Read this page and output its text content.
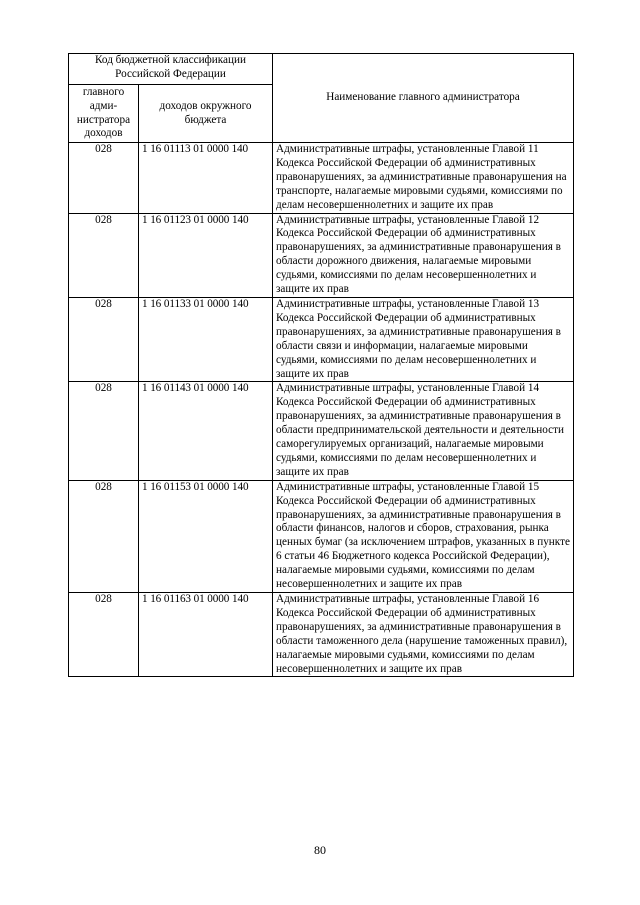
Код бюджетной классификации Российской Федерации		Наименование главного администратора
главного адми-нистратора доходов	доходов окружного бюджета	
028	1 16 01113 01 0000 140	Административные штрафы, установленные Главой 11 Кодекса Российской Федерации об административных правонарушениях, за административные правонарушения на транспорте, налагаемые мировыми судьями, комиссиями по делам несовершеннолетних и защите их прав
028	1 16 01123 01 0000 140	Административные штрафы, установленные Главой 12 Кодекса Российской Федерации об административных правонарушениях, за административные правонарушения в области дорожного движения, налагаемые мировыми судьями, комиссиями по делам несовершеннолетних и защите их прав
028	1 16 01133 01 0000 140	Административные штрафы, установленные Главой 13 Кодекса Российской Федерации об административных правонарушениях, за административные правонарушения в области связи и информации, налагаемые мировыми судьями, комиссиями по делам несовершеннолетних и защите их прав
028	1 16 01143 01 0000 140	Административные штрафы, установленные Главой 14 Кодекса Российской Федерации об административных правонарушениях, за административные правонарушения в области предпринимательской деятельности и деятельности саморегулируемых организаций, налагаемые мировыми судьями, комиссиями по делам несовершеннолетних и защите их прав
028	1 16 01153 01 0000 140	Административные штрафы, установленные Главой 15 Кодекса Российской Федерации об административных правонарушениях, за административные правонарушения в области финансов, налогов и сборов, страхования, рынка ценных бумаг (за исключением штрафов, указанных в пункте 6 статьи 46 Бюджетного кодекса Российской Федерации), налагаемые мировыми судьями, комиссиями по делам несовершеннолетних и защите их прав
028	1 16 01163 01 0000 140	Административные штрафы, установленные Главой 16 Кодекса Российской Федерации об административных правонарушениях, за административные правонарушения в области таможенного дела (нарушение таможенных правил), налагаемые мировыми судьями, комиссиями по делам несовершеннолетних и защите их прав
80
